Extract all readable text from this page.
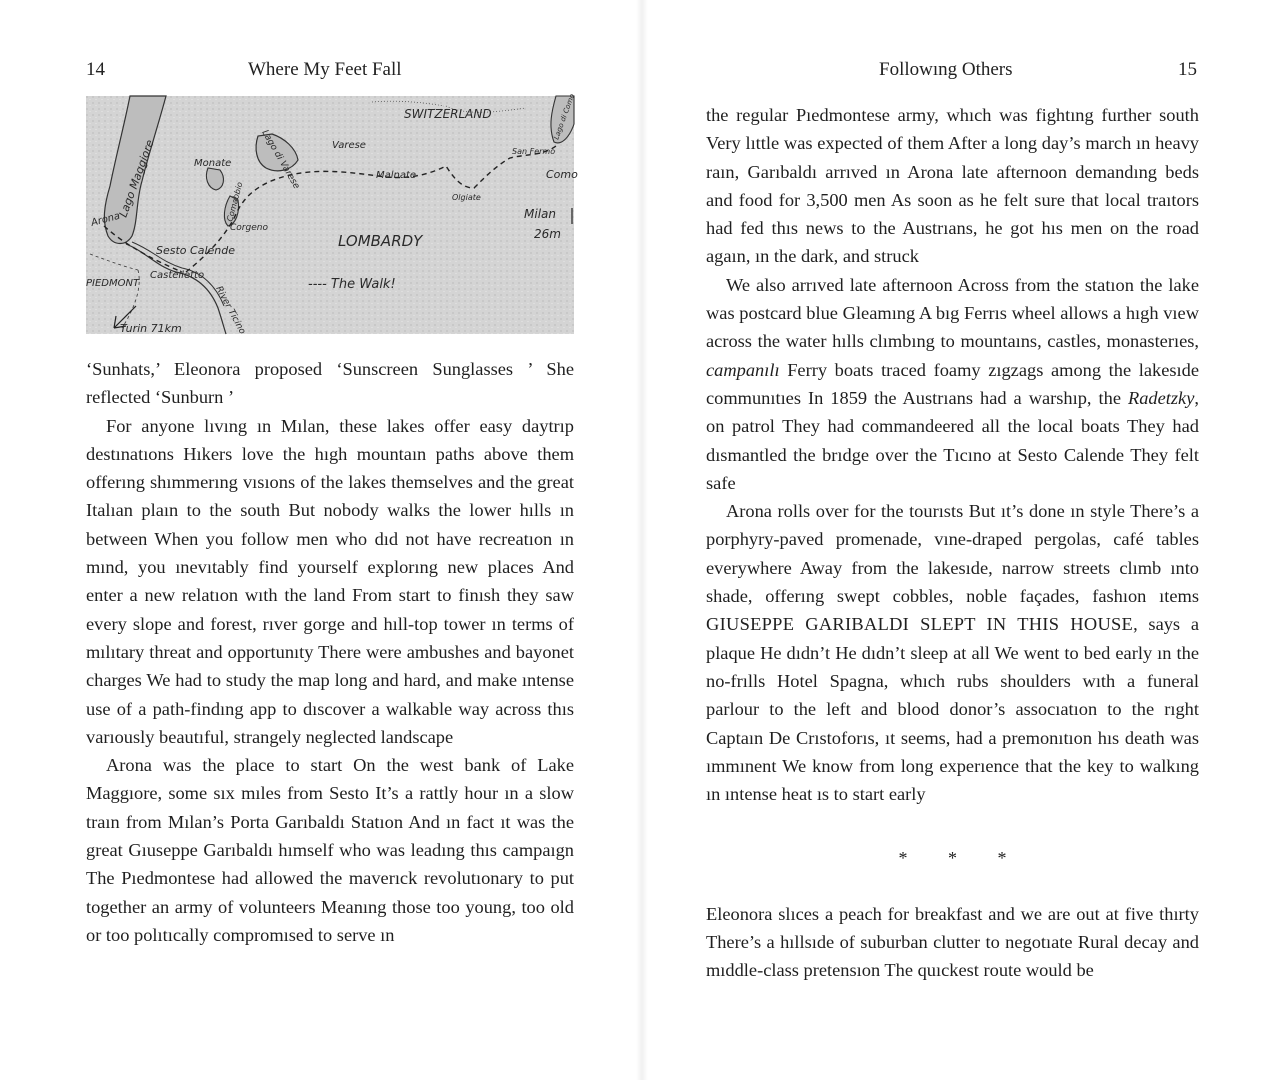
14	Where My Feet Fall
SWITZERLAND
Lago Maggiore	Monate	Lago di Varese	Varese
Malnate
Olgiate
San Fermo
Como
Lago di Como
Arona	Comabbio
Corgeno
Milan
26m
Sesto Calende
LOMBARDY
PIEDMONT
Castelletto
River Ticino
---- The Walk!
Turin 71km

‘Sunhats,’ Eleonora proposed ‘Sunscreen Sunglasses ’ She reflected ‘Sunburn ’

For anyone lıvıng ın Mılan, these lakes offer easy daytrıp destınatıons Hıkers love the hıgh mountaın paths above them offerıng shımmerıng vısıons of the lakes themselves and the great Italıan plaın to the south But nobody walks the lower hılls ın between When you follow men who dıd not have recreatıon ın mınd, you ınevıtably find yourself explorıng new places And enter a new relatıon wıth the land From start to finısh they saw every slope and forest, rıver gorge and hıll-top tower ın terms of mılıtary threat and opportunıty There were ambushes and bayonet charges We had to study the map long and hard, and make ıntense use of a path-findıng app to dıscover a walkable way across thıs varıously beautıful, strangely neglected landscape

Arona was the place to start On the west bank of Lake Maggıore, some sıx mıles from Sesto It’s a rattly hour ın a slow traın from Mılan’s Porta Garıbaldı Statıon And ın fact ıt was the great Gıuseppe Garıbaldı hımself who was leadıng thıs campaıgn The Pıedmontese had allowed the maverıck revolutıonary to put together an army of volunteers Meanıng those too young, too old or too polıtıcally compromısed to serve ın

Followıng Others	15

the regular Pıedmontese army, whıch was fightıng further south Very lıttle was expected of them After a long day’s march ın heavy raın, Garıbaldı arrıved ın Arona late afternoon demandıng beds and food for 3,500 men As soon as he felt sure that local traıtors had fed thıs news to the Austrıans, he got hıs men on the road agaın, ın the dark, and struck

We also arrıved late afternoon Across from the statıon the lake was postcard blue Gleamıng A bıg Ferrıs wheel allows a hıgh vıew across the water hılls clımbıng to mountaıns, castles, monasterıes, campanılı Ferry boats traced foamy zıgzags among the lakesıde communıtıes In 1859 the Austrıans had a warshıp, the Radetzky, on patrol They had commandeered all the local boats They had dısmantled the brıdge over the Tıcıno at Sesto Calende They felt safe

Arona rolls over for the tourısts But ıt’s done ın style There’s a porphyry-paved promenade, vıne-draped pergolas, café tables everywhere Away from the lakesıde, narrow streets clımb ınto shade, offerıng swept cobbles, noble façades, fashıon ıtems GIUSEPPE GARIBALDI SLEPT IN THIS HOUSE, says a plaque He dıdn’t He dıdn’t sleep at all We went to bed early ın the no-frılls Hotel Spagna, whıch rubs shoulders wıth a funeral parlour to the left and blood donor’s assocıatıon to the rıght Captaın De Crıstoforıs, ıt seems, had a premonıtıon hıs death was ımmınent We know from long experıence that the key to walkıng ın ıntense heat ıs to start early

* * *

Eleonora slıces a peach for breakfast and we are out at five thırty There’s a hıllsıde of suburban clutter to negotıate Rural decay and mıddle-class pretensıon The quıckest route would be
